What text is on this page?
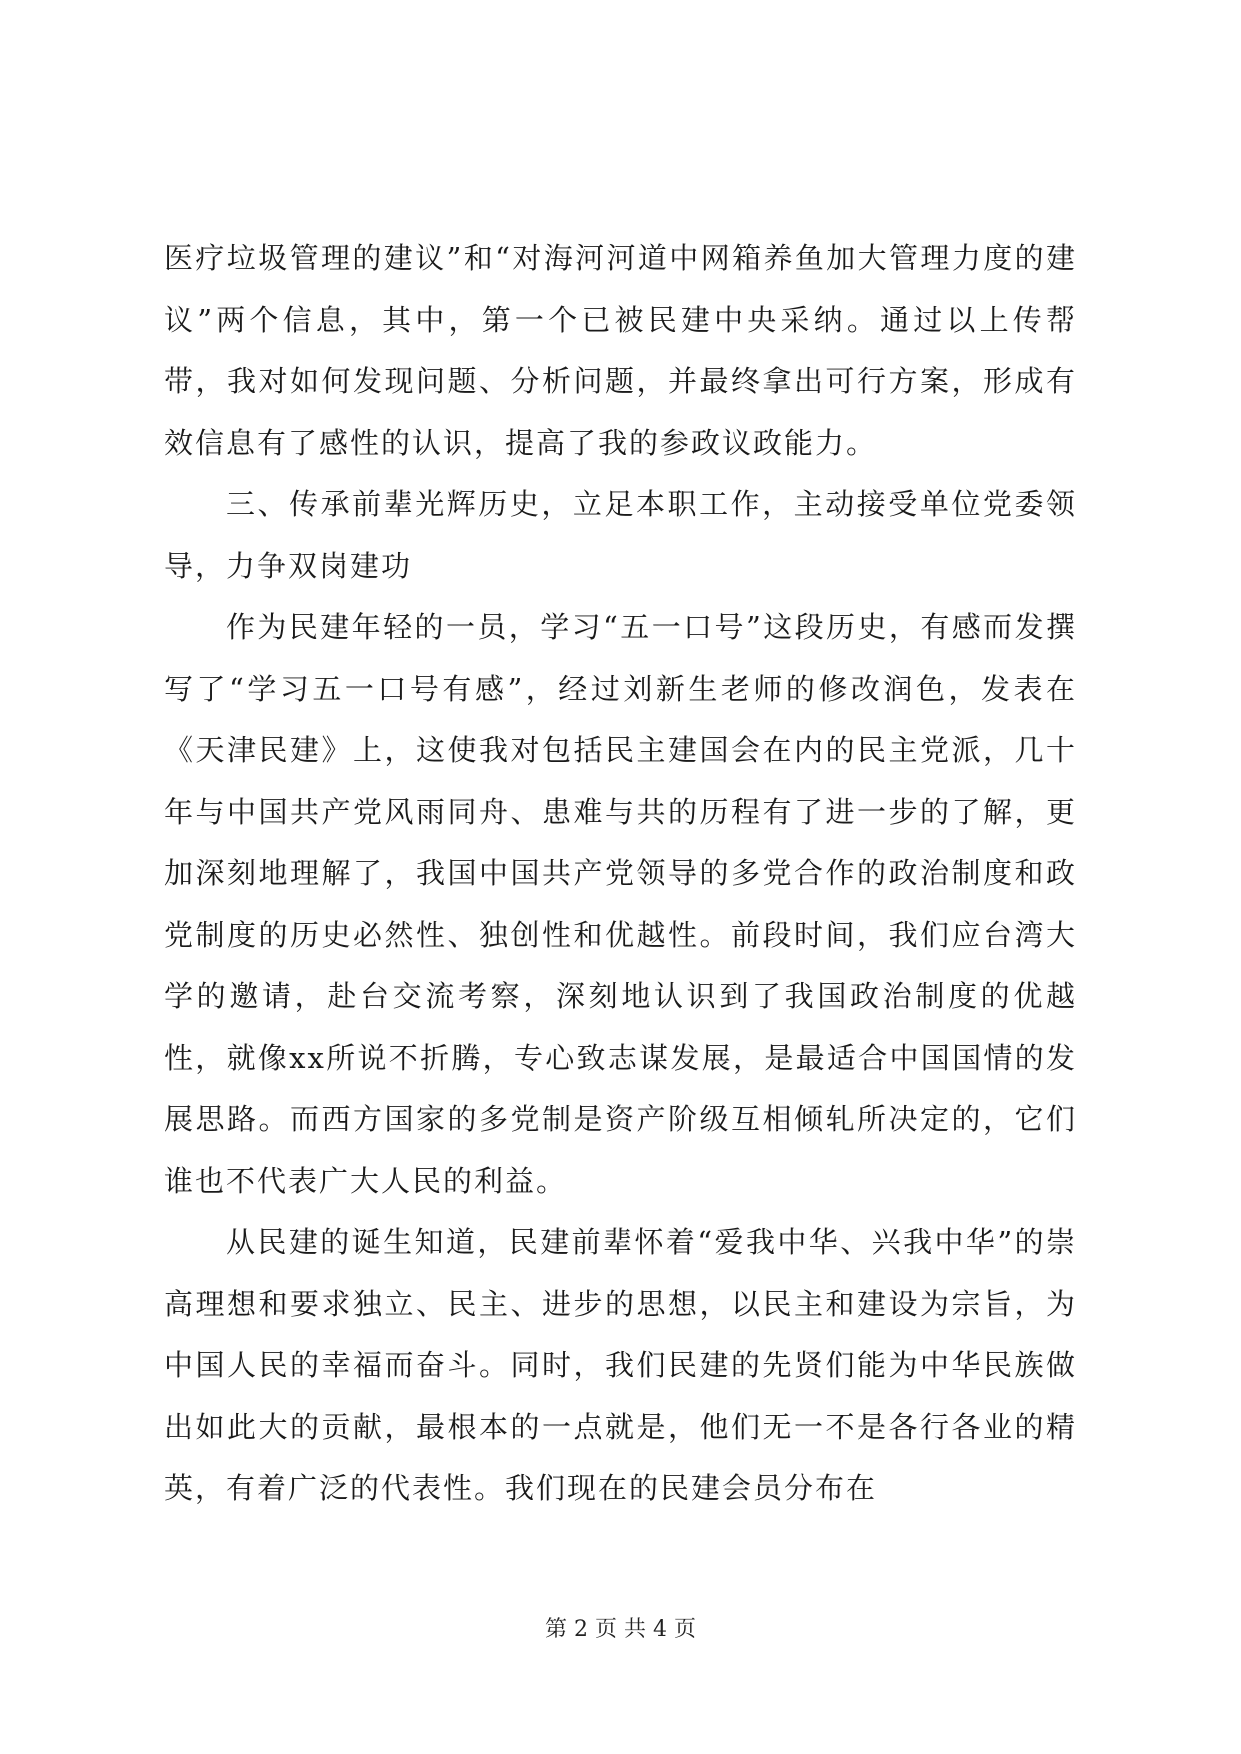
医疗垃圾管理的建议”和“对海河河道中网箱养鱼加大管理力度的建议”两个信息，其中，第一个已被民建中央采纳。通过以上传帮带，我对如何发现问题、分析问题，并最终拿出可行方案，形成有效信息有了感性的认识，提高了我的参政议政能力。

三、传承前辈光辉历史，立足本职工作，主动接受单位党委领导，力争双岗建功

作为民建年轻的一员，学习“五一口号”这段历史，有感而发撰写了“学习五一口号有感”，经过刘新生老师的修改润色，发表在《天津民建》上，这使我对包括民主建国会在内的民主党派，几十年与中国共产党风雨同舟、患难与共的历程有了进一步的了解，更加深刻地理解了，我国中国共产党领导的多党合作的政治制度和政党制度的历史必然性、独创性和优越性。前段时间，我们应台湾大学的邀请，赴台交流考察，深刻地认识到了我国政治制度的优越性，就像xx所说不折腾，专心致志谋发展，是最适合中国国情的发展思路。而西方国家的多党制是资产阶级互相倾轧所决定的，它们谁也不代表广大人民的利益。

从民建的诞生知道，民建前辈怀着“爱我中华、兴我中华”的崇高理想和要求独立、民主、进步的思想，以民主和建设为宗旨，为中国人民的幸福而奋斗。同时，我们民建的先贤们能为中华民族做出如此大的贡献，最根本的一点就是，他们无一不是各行各业的精英，有着广泛的代表性。我们现在的民建会员分布在

第 2 页 共 4 页
